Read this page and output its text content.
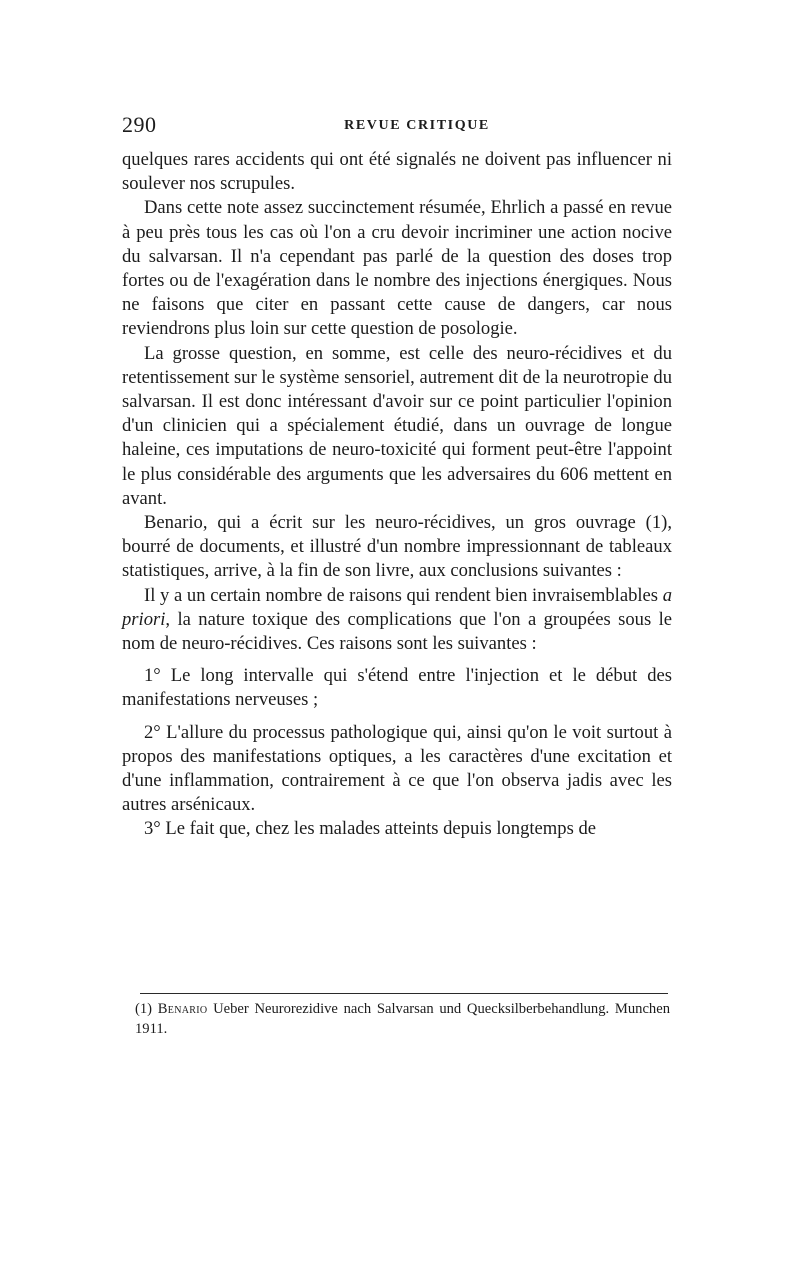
290	REVUE CRITIQUE

quelques rares accidents qui ont été signalés ne doivent pas influencer ni soulever nos scrupules.

Dans cette note assez succinctement résumée, Ehrlich a passé en revue à peu près tous les cas où l'on a cru devoir incriminer une action nocive du salvarsan. Il n'a cependant pas parlé de la question des doses trop fortes ou de l'exagération dans le nombre des injections énergiques. Nous ne faisons que citer en passant cette cause de dangers, car nous reviendrons plus loin sur cette question de posologie.

La grosse question, en somme, est celle des neuro-récidives et du retentissement sur le système sensoriel, autrement dit de la neurotropie du salvarsan. Il est donc intéressant d'avoir sur ce point particulier l'opinion d'un clinicien qui a spécialement étudié, dans un ouvrage de longue haleine, ces imputations de neuro-toxicité qui forment peut-être l'appoint le plus considérable des arguments que les adversaires du 606 mettent en avant.

Benario, qui a écrit sur les neuro-récidives, un gros ouvrage (1), bourré de documents, et illustré d'un nombre impressionnant de tableaux statistiques, arrive, à la fin de son livre, aux conclusions suivantes :

Il y a un certain nombre de raisons qui rendent bien invraisemblables a priori, la nature toxique des complications que l'on a groupées sous le nom de neuro-récidives. Ces raisons sont les suivantes :

1° Le long intervalle qui s'étend entre l'injection et le début des manifestations nerveuses ;

2° L'allure du processus pathologique qui, ainsi qu'on le voit surtout à propos des manifestations optiques, a les caractères d'une excitation et d'une inflammation, contrairement à ce que l'on observa jadis avec les autres arsénicaux.

3° Le fait que, chez les malades atteints depuis longtemps de

(1) Benario Ueber Neurorezidive nach Salvarsan und Quecksilberbehandlung. Munchen 1911.
